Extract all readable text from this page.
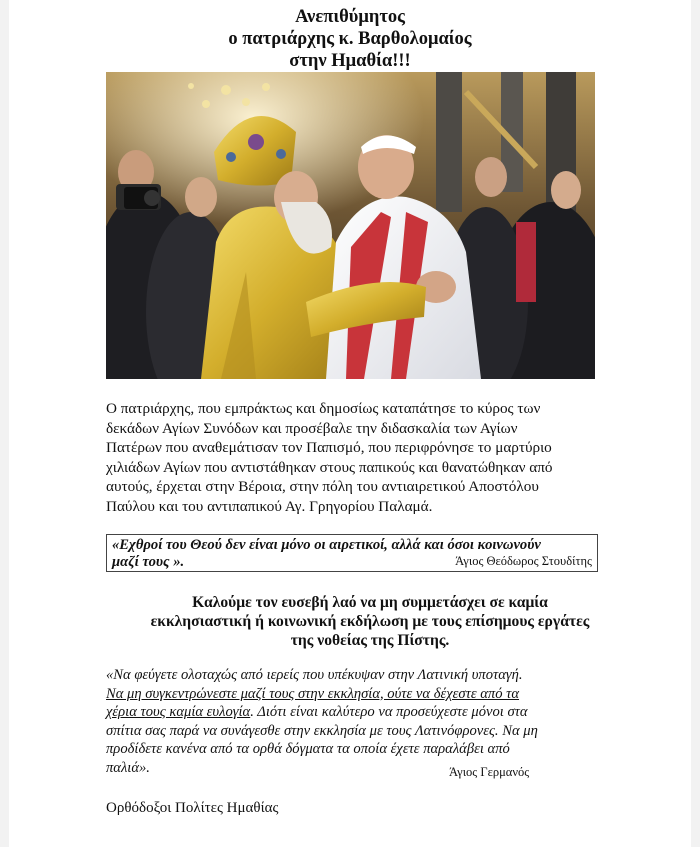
Ανεπιθύμητος
ο πατριάρχης κ. Βαρθολομαίος
στην Ημαθία!!!
Ο πατριάρχης, που εμπράκτως και δημοσίως καταπάτησε το κύρος των
δεκάδων Αγίων Συνόδων και προσέβαλε την διδασκαλία των Αγίων
Πατέρων που αναθεμάτισαν τον Παπισμό, που περιφρόνησε το μαρτύριο
χιλιάδων Αγίων που αντιστάθηκαν στους παπικούς και θανατώθηκαν από
αυτούς, έρχεται στην Βέροια, στην πόλη του αντιαιρετικού Αποστόλου
Παύλου και του αντιπαπικού Αγ. Γρηγορίου Παλαμά.
«Εχθροί του Θεού δεν είναι μόνο οι αιρετικοί, αλλά και όσοι κοινωνούν
μαζί τους ».	Άγιος Θεόδωρος Στουδίτης
Καλούμε τον ευσεβή λαό να μη συμμετάσχει σε καμία
εκκλησιαστική ή κοινωνική εκδήλωση με τους επίσημους εργάτες
της νοθείας της Πίστης.
«Να φεύγετε ολοταχώς από ιερείς που υπέκυψαν στην Λατινική υποταγή.
Να μη συγκεντρώνεστε μαζί τους στην εκκλησία, ούτε να δέχεστε από τα
χέρια τους καμία ευλογία. Διότι είναι καλύτερο να προσεύχεστε μόνοι στα
σπίτια σας παρά να συνάγεσθε στην εκκλησία με τους Λατινόφρονες. Να μη
προδίδετε κανένα από τα ορθά δόγματα τα οποία έχετε παραλάβει από
παλιά».	Άγιος Γερμανός
Ορθόδοξοι Πολίτες Ημαθίας
